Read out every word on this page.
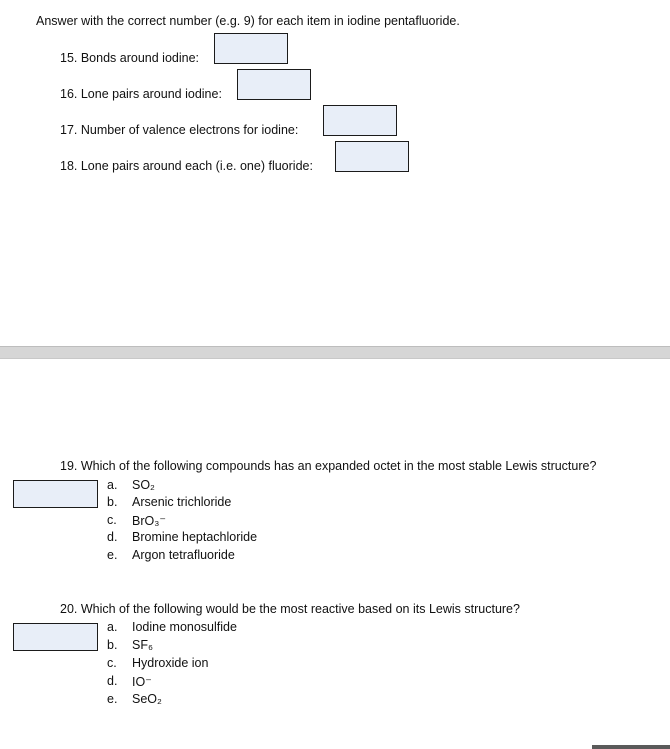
Answer with the correct number (e.g. 9) for each item in iodine pentafluoride.
15. Bonds around iodine:
16. Lone pairs around iodine:
17. Number of valence electrons for iodine:
18. Lone pairs around each (i.e. one) fluoride:
19. Which of the following compounds has an expanded octet in the most stable Lewis structure?
a. SO₂
b. Arsenic trichloride
c. BrO₃⁻
d. Bromine heptachloride
e. Argon tetrafluoride
20. Which of the following would be the most reactive based on its Lewis structure?
a. Iodine monosulfide
b. SF₆
c. Hydroxide ion
d. IO⁻
e. SeO₂
